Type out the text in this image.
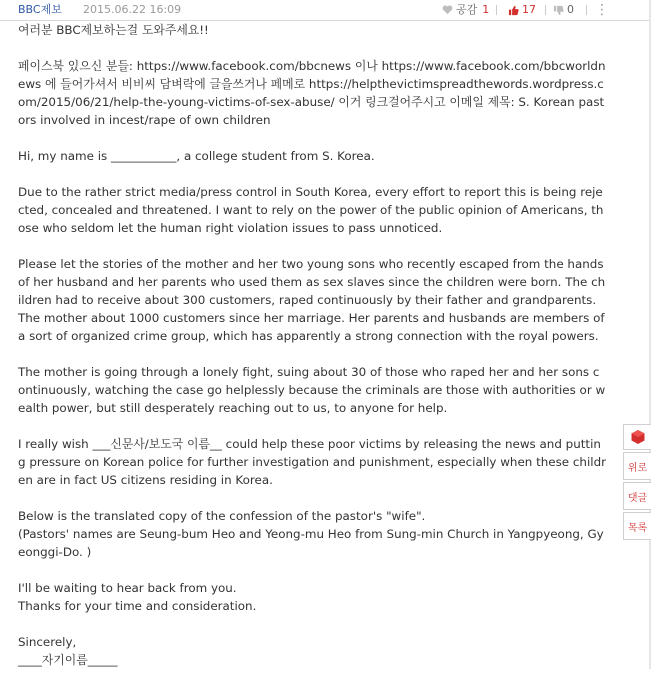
BBC제보 2015.06.22 16:09	공감 1	17	0 ⋮

여러분 BBC제보하는걸 도와주세요!!

페이스북 있으신 분들: https://www.facebook.com/bbcnews 이나 https://www.facebook.com/bbcworldnews 에 들어가셔서 비비씨 담벼락에 글을쓰거나 페메로 https://helpthevictimspreadthewords.wordpress.com/2015/06/21/help-the-young-victims-of-sex-abuse/ 이거 링크걸어주시고 이메일 제목: S. Korean pastors involved in incest/rape of own children

Hi, my name is ___________, a college student from S. Korea.

Due to the rather strict media/press control in South Korea, every effort to report this is being rejected, concealed and threatened. I want to rely on the power of the public opinion of Americans, those who seldom let the human right violation issues to pass unnoticed.

Please let the stories of the mother and her two young sons who recently escaped from the hands of her husband and her parents who used them as sex slaves since the children were born. The children had to receive about 300 customers, raped continuously by their father and grandparents. The mother about 1000 customers since her marriage. Her parents and husbands are members of a sort of organized crime group, which has apparently a strong connection with the royal powers.

The mother is going through a lonely fight, suing about 30 of those who raped her and her sons continuously, watching the case go helplessly because the criminals are those with authorities or wealth power, but still desperately reaching out to us, to anyone for help.

I really wish ___신문사/보도국 이름__ could help these poor victims by releasing the news and putting pressure on Korean police for further investigation and punishment, especially when these children are in fact US citizens residing in Korea.

Below is the translated copy of the confession of the pastor's "wife".
(Pastors' names are Seung-bum Heo and Yeong-mu Heo from Sung-min Church in Yangpyeong, Gyeonggi-Do. )

I'll be waiting to hear back from you.
Thanks for your time and consideration.

Sincerely,
____자기이름_____

위로
댓글
목록
